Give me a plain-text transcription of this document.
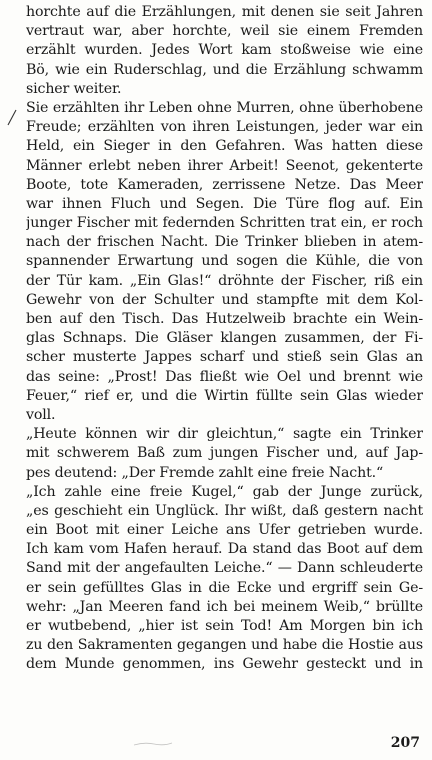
horchte auf die Erzählungen, mit denen sie seit Jahren
vertraut war, aber horchte, weil sie einem Fremden
erzählt wurden. Jedes Wort kam stoßweise wie eine
Bö, wie ein Ruderschlag, und die Erzählung schwamm
sicher weiter.
Sie erzählten ihr Leben ohne Murren, ohne überhobene
Freude; erzählten von ihren Leistungen, jeder war ein
Held, ein Sieger in den Gefahren. Was hatten diese
Männer erlebt neben ihrer Arbeit! Seenot, gekenterte
Boote, tote Kameraden, zerrissene Netze. Das Meer
war ihnen Fluch und Segen. Die Türe flog auf. Ein
junger Fischer mit federnden Schritten trat ein, er roch
nach der frischen Nacht. Die Trinker blieben in atem-
spannender Erwartung und sogen die Kühle, die von
der Tür kam. „Ein Glas!“ dröhnte der Fischer, riß ein
Gewehr von der Schulter und stampfte mit dem Kol-
ben auf den Tisch. Das Hutzelweib brachte ein Wein-
glas Schnaps. Die Gläser klangen zusammen, der Fi-
scher musterte Jappes scharf und stieß sein Glas an
das seine: „Prost! Das fließt wie Oel und brennt wie
Feuer,“ rief er, und die Wirtin füllte sein Glas wieder
voll.
„Heute können wir dir gleichtun,“ sagte ein Trinker
mit schwerem Baß zum jungen Fischer und, auf Jap-
pes deutend: „Der Fremde zahlt eine freie Nacht.“
„Ich zahle eine freie Kugel,“ gab der Junge zurück,
„es geschieht ein Unglück. Ihr wißt, daß gestern nacht
ein Boot mit einer Leiche ans Ufer getrieben wurde.
Ich kam vom Hafen herauf. Da stand das Boot auf dem
Sand mit der angefaulten Leiche.“ — Dann schleuderte
er sein gefülltes Glas in die Ecke und ergriff sein Ge-
wehr: „Jan Meeren fand ich bei meinem Weib,“ brüllte
er wutbebend, „hier ist sein Tod! Am Morgen bin ich
zu den Sakramenten gegangen und habe die Hostie aus
dem Munde genommen, ins Gewehr gesteckt und in
207
